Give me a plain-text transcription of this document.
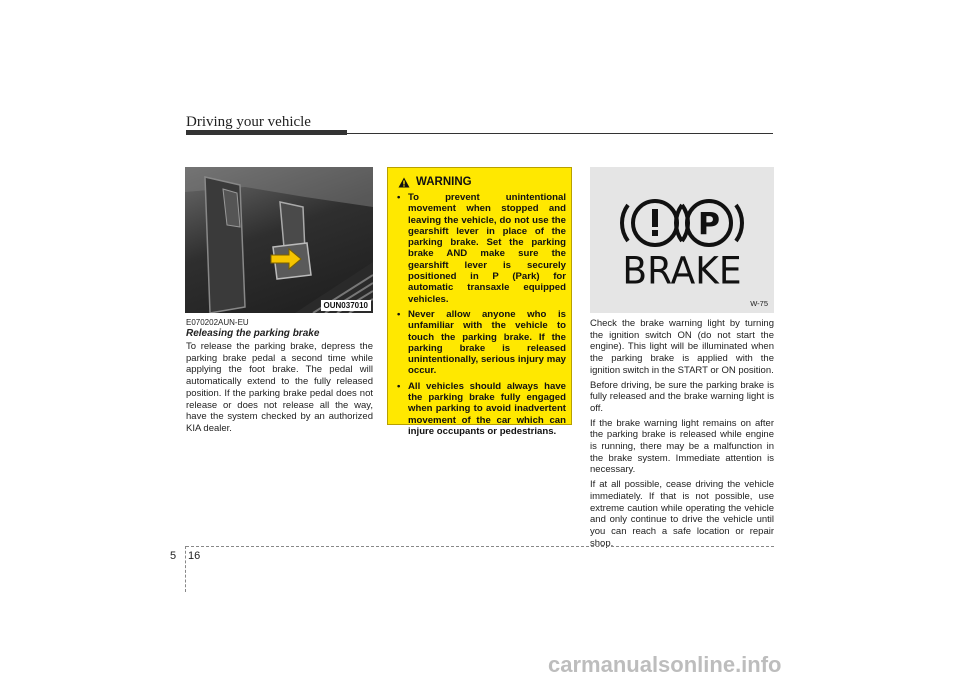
Driving your vehicle
OUN037010
E070202AUN-EU
Releasing the parking brake
To release the parking brake, depress the parking brake pedal a second time while applying the foot brake. The pedal will automatically extend to the fully released position. If the parking brake pedal does not release or does not release all the way, have the system checked by an authorized KIA dealer.
WARNING
• To prevent unintentional movement when stopped and leaving the vehicle, do not use the gearshift lever in place of the parking brake. Set the parking brake AND make sure the gearshift lever is securely positioned in P (Park) for automatic transaxle equipped vehicles.
• Never allow anyone who is unfamiliar with the vehicle to touch the parking brake. If the parking brake is released unintentionally, serious injury may occur.
• All vehicles should always have the parking brake fully engaged when parking to avoid inadvertent movement of the car which can injure occupants or pedestrians.
P
BRAKE
W-75

Check the brake warning light by turning the ignition switch ON (do not start the engine). This light will be illuminated when the parking brake is applied with the ignition switch in the START or ON position.

Before driving, be sure the parking brake is fully released and the brake warning light is off.

If the brake warning light remains on after the parking brake is released while engine is running, there may be a malfunction in the brake system. Immediate attention is necessary.

If at all possible, cease driving the vehicle immediately. If that is not possible, use extreme caution while operating the vehicle and only continue to drive the vehicle until you can reach a safe location or repair shop.

5 16
carmanualsonline.info
